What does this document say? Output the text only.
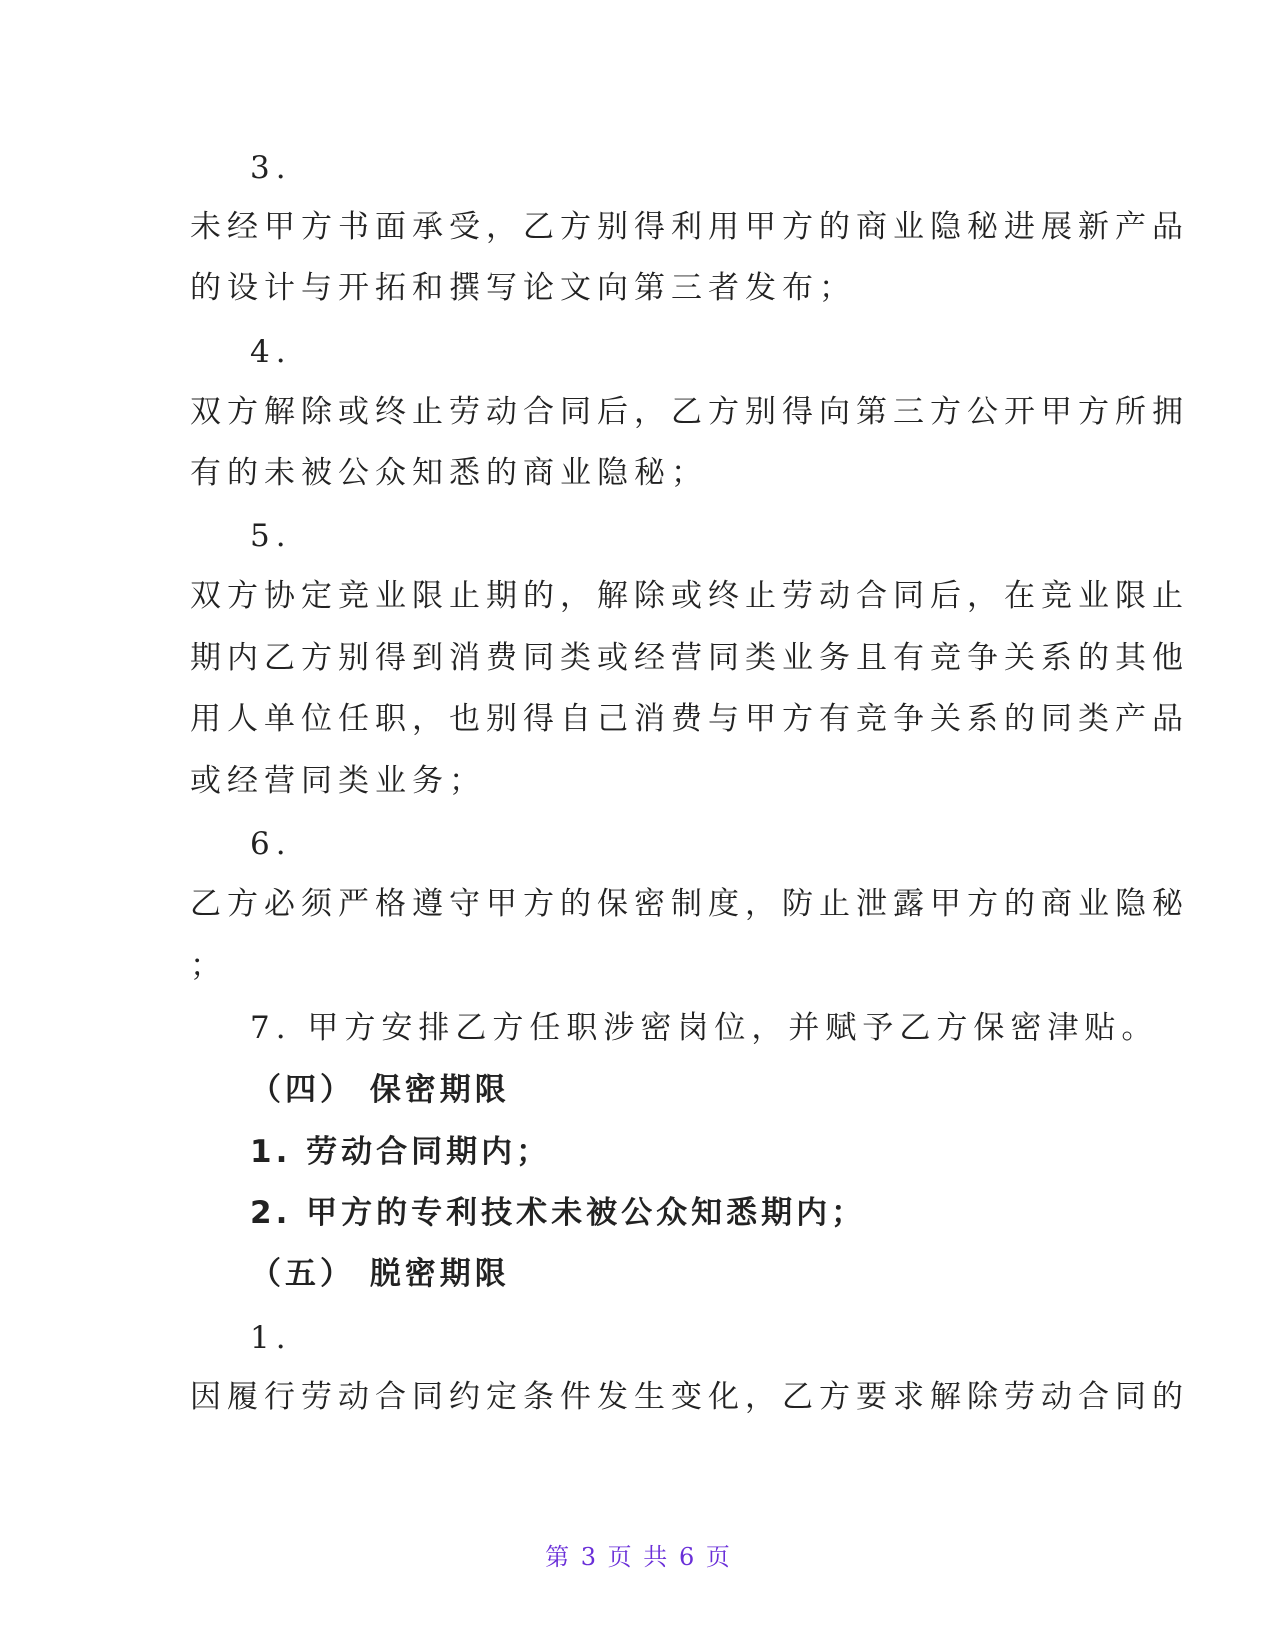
3.
未经甲方书面承受，乙方别得利用甲方的商业隐秘进展新产品
的设计与开拓和撰写论文向第三者发布；
4.
双方解除或终止劳动合同后，乙方别得向第三方公开甲方所拥
有的未被公众知悉的商业隐秘；
5.
双方协定竞业限止期的，解除或终止劳动合同后，在竞业限止
期内乙方别得到消费同类或经营同类业务且有竞争关系的其他
用人单位任职，也别得自己消费与甲方有竞争关系的同类产品
或经营同类业务；
6.
乙方必须严格遵守甲方的保密制度，防止泄露甲方的商业隐秘
；
7. 甲方安排乙方任职涉密岗位，并赋予乙方保密津贴。
（四） 保密期限
1. 劳动合同期内；
2. 甲方的专利技术未被公众知悉期内；
（五） 脱密期限
1.
因履行劳动合同约定条件发生变化，乙方要求解除劳动合同的
第 3 页 共 6 页
